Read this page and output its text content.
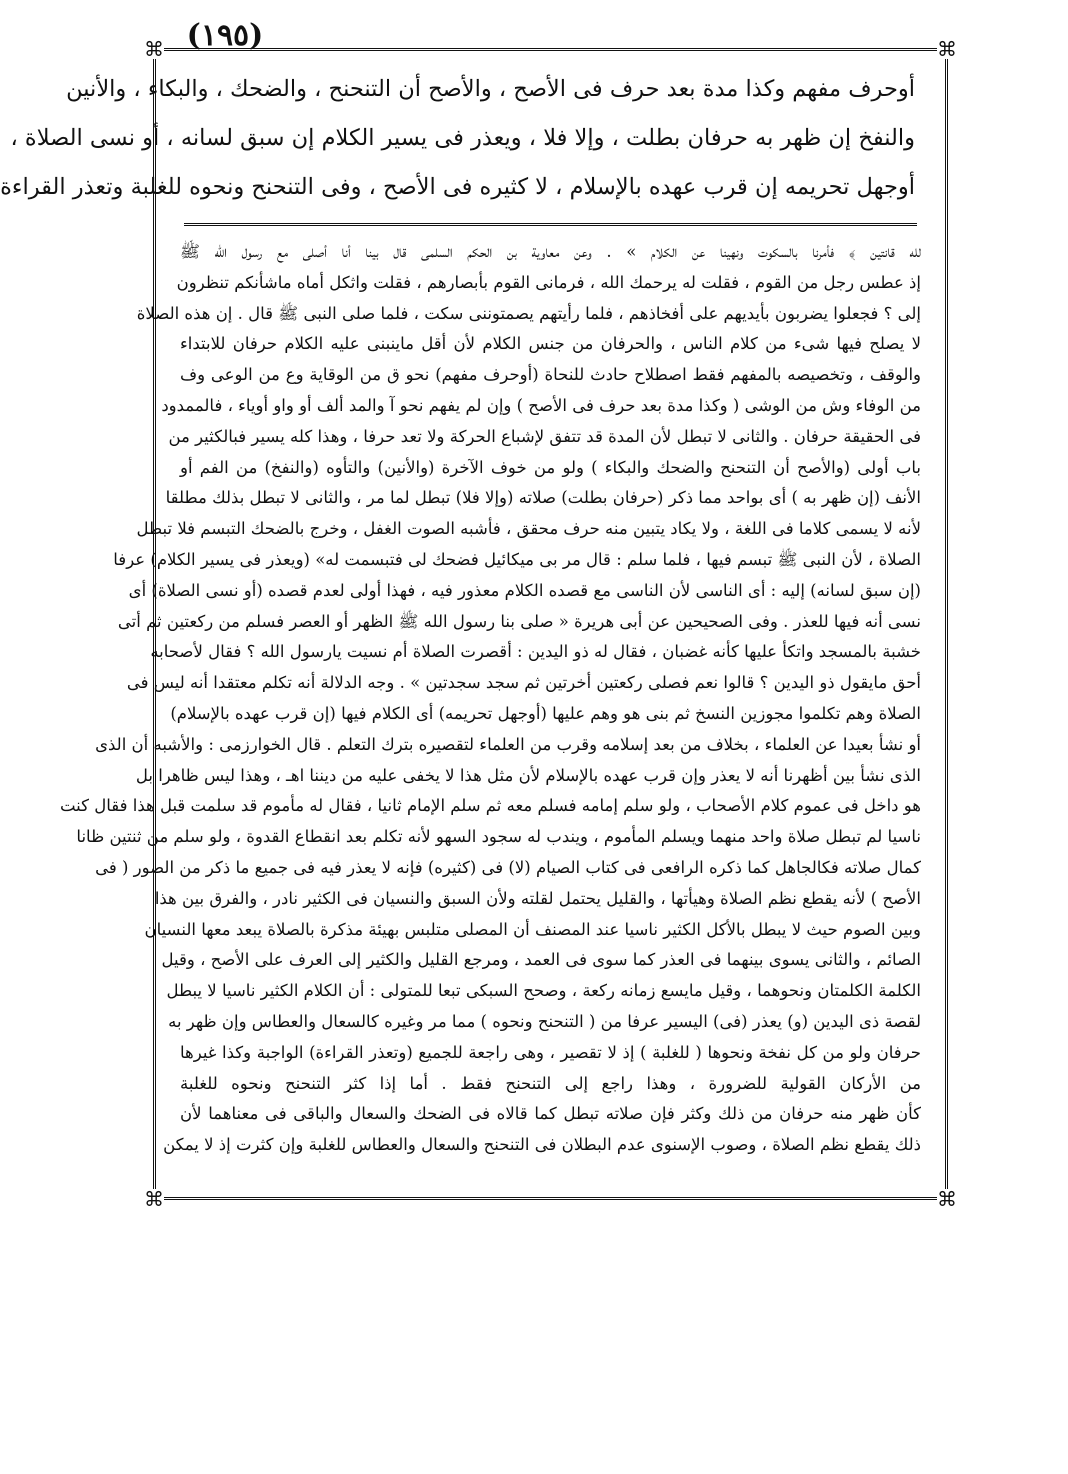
(١٩٥)
⌘	⌘
⌘	⌘
أوحرف مفهم وكذا مدة بعد حرف فى الأصح ، والأصح أن التنحنح ، والضحك ، والبكاء ، والأنين
والنفخ إن ظهر به حرفان بطلت ، وإلا فلا ، ويعذر فى يسير الكلام إن سبق لسانه ، أو نسى الصلاة ،
أوجهل تحريمه إن قرب عهده بالإسلام ، لا كثيره فى الأصح ، وفى التنحنح ونحوه للغلبة وتعذر القراءة
لله قانتين ﴾ فأمرنا بالسكوت ونهينا عن الكلام » . وعن معاوية بن الحكم السلمى قال بينا أنا أصلى مع رسول الله ﷺ
إذ عطس رجل من القوم ، فقلت له يرحمك الله ، فرمانى القوم بأبصارهم ، فقلت واثكل أماه ماشأنكم تنظرون
إلى ؟ فجعلوا يضربون بأيديهم على أفخاذهم ، فلما رأيتهم يصمتوننى سكت ، فلما صلى النبى ﷺ قال . إن هذه الصلاة
لا يصلح فيها شىء من كلام الناس ، والحرفان من جنس الكلام لأن أقل ماينبنى عليه الكلام حرفان للابتداء
والوقف ، وتخصيصه بالمفهم فقط اصطلاح حادث للنحاة (أوحرف مفهم) نحو ق من الوقاية وع من الوعى وف
من الوفاء وش من الوشى ( وكذا مدة بعد حرف فى الأصح ) وإن لم يفهم نحو آ والمد ألف أو واو أوياء ، فالممدود
فى الحقيقة حرفان . والثانى لا تبطل لأن المدة قد تتفق لإشباع الحركة ولا تعد حرفا ، وهذا كله يسير فبالكثير من
باب أولى (والأصح أن التنحنح والضحك والبكاء ) ولو من خوف الآخرة (والأنين) والتأوه (والنفخ) من الفم أو
الأنف (إن ظهر به ) أى بواحد مما ذكر (حرفان بطلت) صلاته (وإلا فلا) تبطل لما مر ، والثانى لا تبطل بذلك مطلقا
لأنه لا يسمى كلاما فى اللغة ، ولا يكاد يتبين منه حرف محقق ، فأشبه الصوت الغفل ، وخرج بالضحك التبسم فلا تبطل
الصلاة ، لأن النبى ﷺ تبسم فيها ، فلما سلم : قال مر بى ميكائيل فضحك لى فتبسمت له» (ويعذر فى يسير الكلام) عرفا
(إن سبق لسانه) إليه : أى الناسى لأن الناسى مع قصده الكلام معذور فيه ، فهذا أولى لعدم قصده (أو نسى الصلاة) أى
نسى أنه فيها للعذر . وفى الصحيحين عن أبى هريرة « صلى بنا رسول الله ﷺ الظهر أو العصر فسلم من ركعتين ثم أتى
خشبة بالمسجد واتكأ عليها كأنه غضبان ، فقال له ذو اليدين : أقصرت الصلاة أم نسيت يارسول الله ؟ فقال لأصحابه
أحق مايقول ذو اليدين ؟ قالوا نعم فصلى ركعتين أخرتين ثم سجد سجدتين » . وجه الدلالة أنه تكلم معتقدا أنه ليس فى
الصلاة وهم تكلموا مجوزين النسخ ثم بنى هو وهم عليها (أوجهل تحريمه) أى الكلام فيها (إن قرب عهده بالإسلام)
أو نشأ بعيدا عن العلماء ، بخلاف من بعد إسلامه وقرب من العلماء لتقصيره بترك التعلم . قال الخوارزمى : والأشبه أن الذى
الذى نشأ بين أظهرنا أنه لا يعذر وإن قرب عهده بالإسلام لأن مثل هذا لا يخفى عليه من ديننا اهـ ، وهذا ليس ظاهرا بل
هو داخل فى عموم كلام الأصحاب ، ولو سلم إمامه فسلم معه ثم سلم الإمام ثانيا ، فقال له مأموم قد سلمت قبل هذا فقال كنت
ناسيا لم تبطل صلاة واحد منهما ويسلم المأموم ، ويندب له سجود السهو لأنه تكلم بعد انقطاع القدوة ، ولو سلم من ثنتين ظانا
كمال صلاته فكالجاهل كما ذكره الرافعى فى كتاب الصيام (لا) فى (كثيره) فإنه لا يعذر فيه فى جميع ما ذكر من الصور ( فى
الأصح ) لأنه يقطع نظم الصلاة وهيأتها ، والقليل يحتمل لقلته ولأن السبق والنسيان فى الكثير نادر ، والفرق بين هذا
وبين الصوم حيث لا يبطل بالأكل الكثير ناسيا عند المصنف أن المصلى متلبس بهيئة مذكرة بالصلاة يبعد معها النسيان
الصائم ، والثانى يسوى بينهما فى العذر كما سوى فى العمد ، ومرجع القليل والكثير إلى العرف على الأصح ، وقيل
الكلمة الكلمتان ونحوهما ، وقيل مايسع زمانه ركعة ، وصحح السبكى تبعا للمتولى : أن الكلام الكثير ناسيا لا يبطل
لقصة ذى اليدين (و) يعذر (فى) اليسير عرفا من ( التنحنح ونحوه ) مما مر وغيره كالسعال والعطاس وإن ظهر به
حرفان ولو من كل نفخة ونحوها ( للغلبة ) إذ لا تقصير ، وهى راجعة للجميع (وتعذر القراءة) الواجبة وكذا غيرها
من الأركان القولية للضرورة ، وهذا راجع إلى التنحنح فقط . أما إذا كثر التنحنح ونحوه للغلبة
كأن ظهر منه حرفان من ذلك وكثر فإن صلاته تبطل كما قالاه فى الضحك والسعال والباقى فى معناهما لأن
ذلك يقطع نظم الصلاة ، وصوب الإسنوى عدم البطلان فى التنحنح والسعال والعطاس للغلبة وإن كثرت إذ لا يمكن
